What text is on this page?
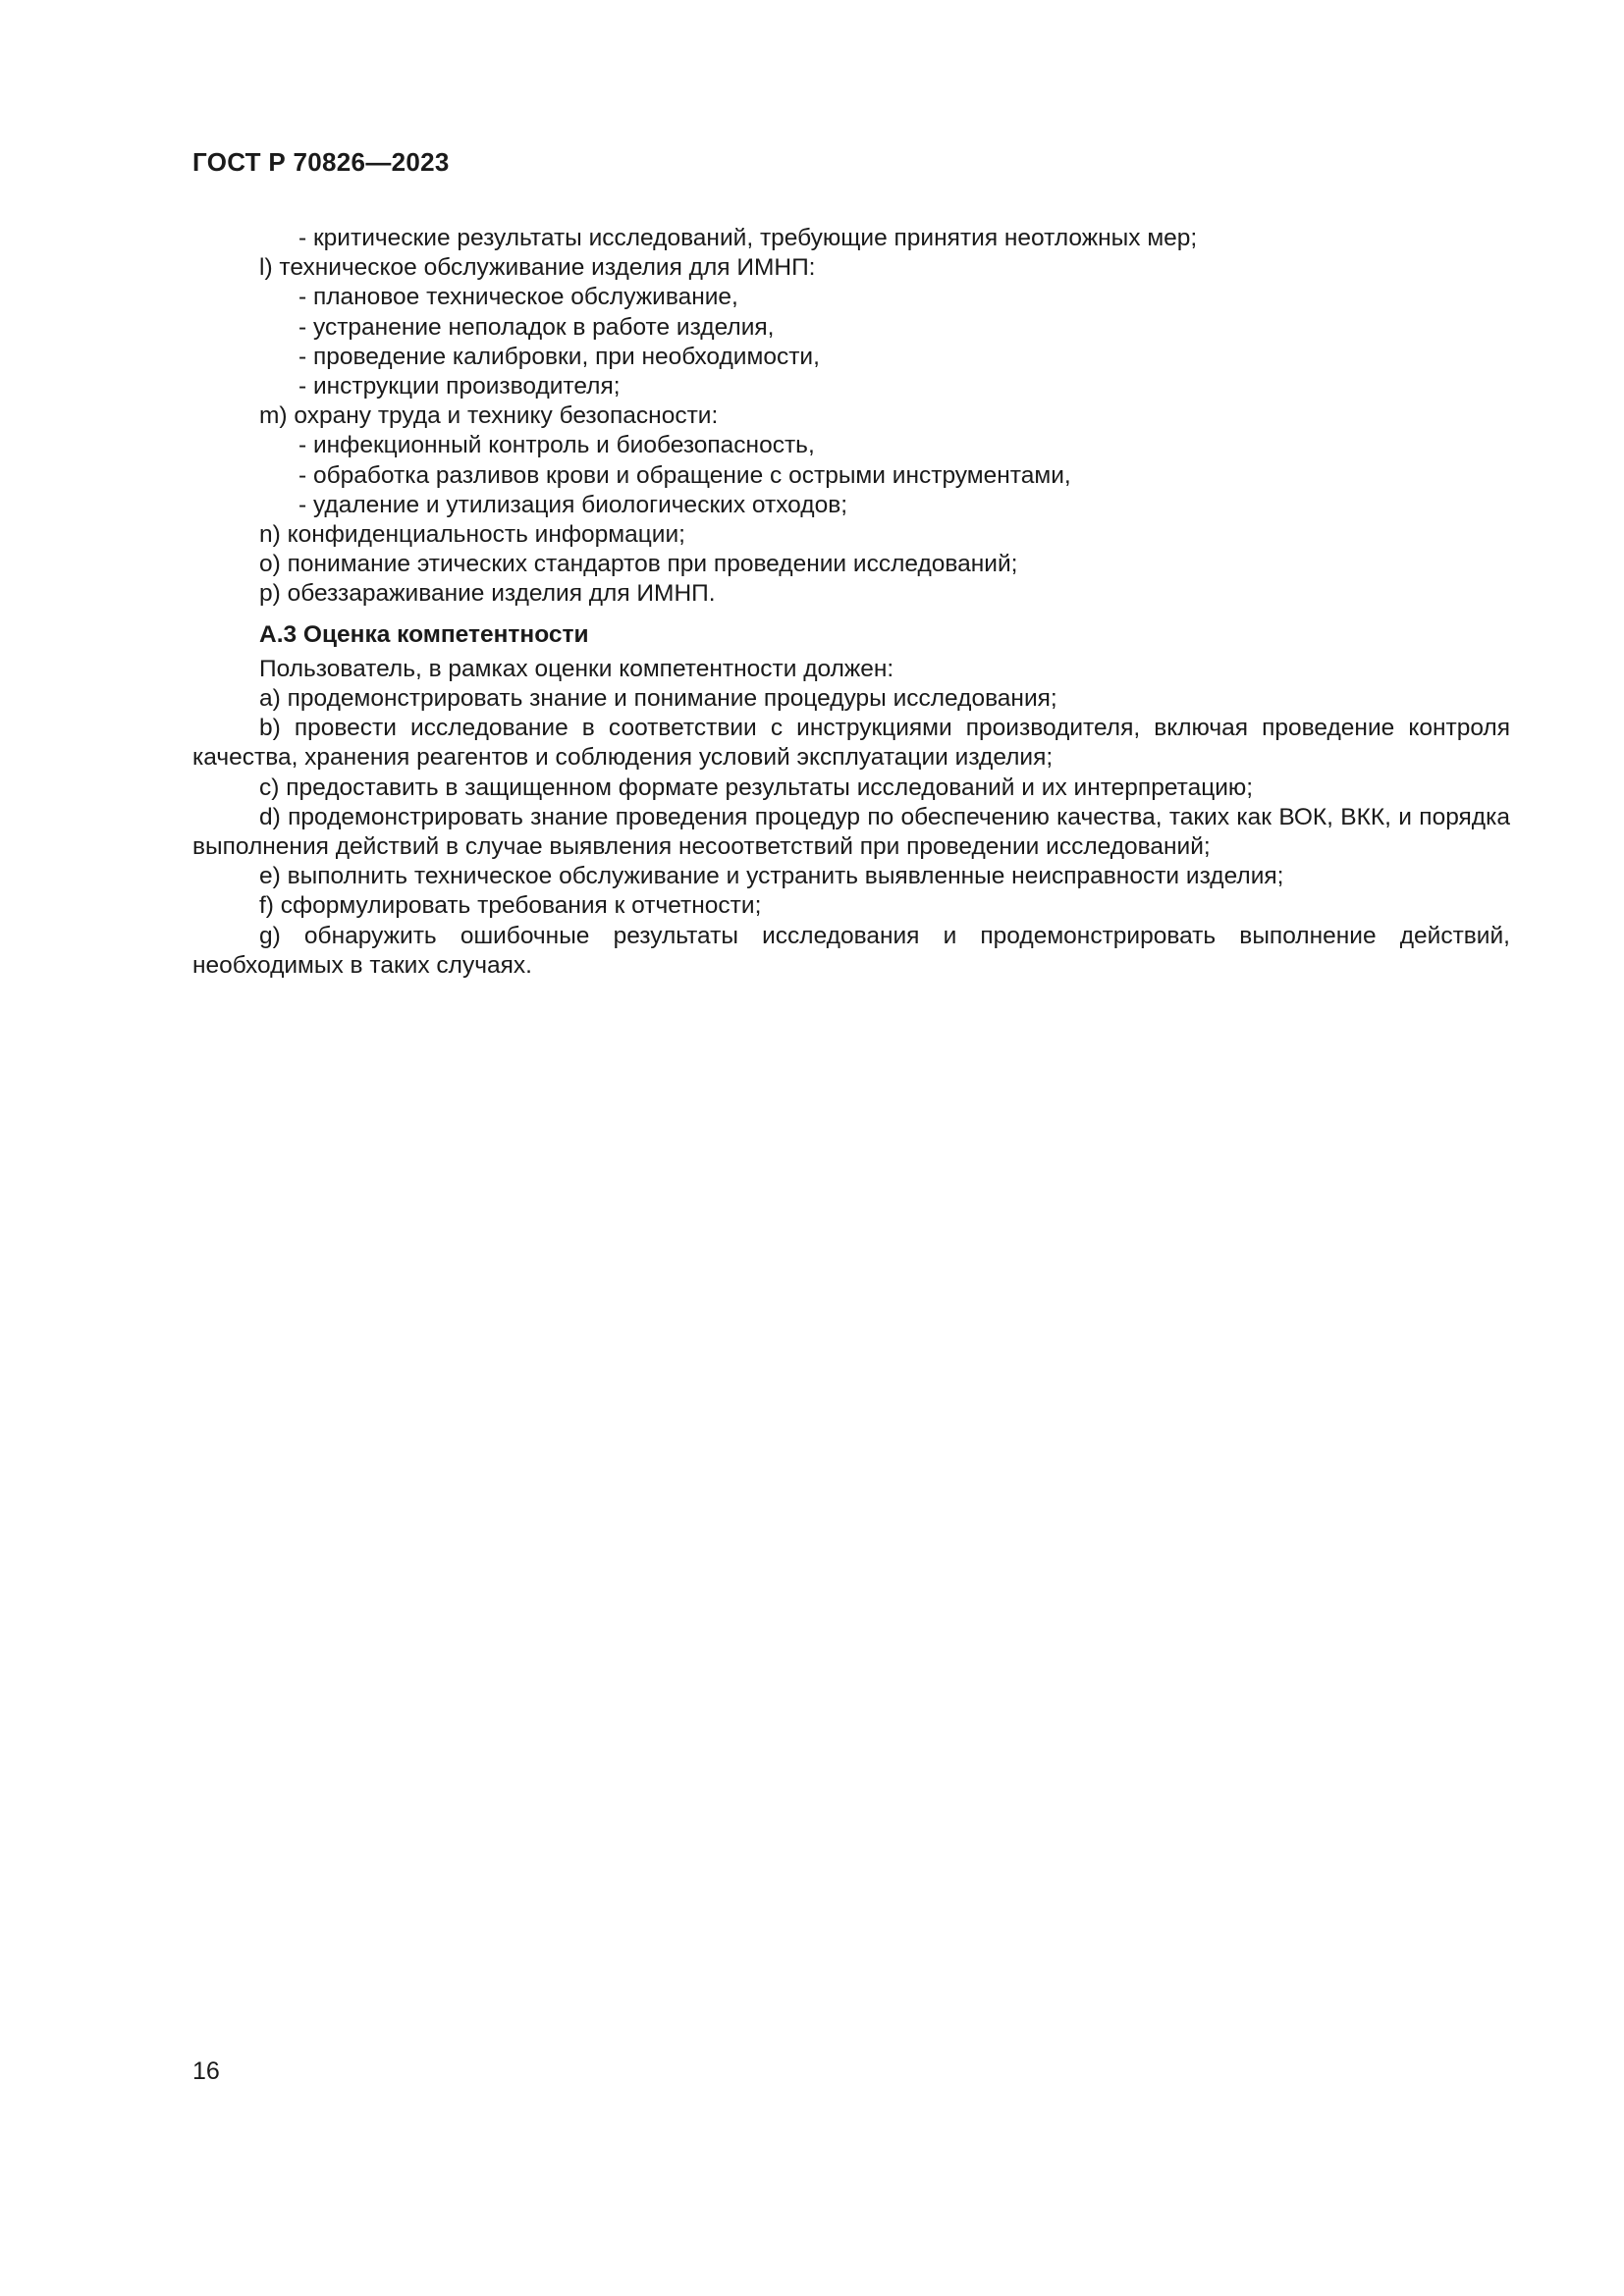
ГОСТ Р 70826—2023
- критические результаты исследований, требующие принятия неотложных мер;
l) техническое обслуживание изделия для ИМНП:
- плановое техническое обслуживание,
- устранение неполадок в работе изделия,
- проведение калибровки, при необходимости,
- инструкции производителя;
m) охрану труда и технику безопасности:
- инфекционный контроль и биобезопасность,
- обработка разливов крови и обращение с острыми инструментами,
- удаление и утилизация биологических отходов;
n) конфиденциальность информации;
o) понимание этических стандартов при проведении исследований;
p) обеззараживание изделия для ИМНП.
А.3 Оценка компетентности
Пользователь, в рамках оценки компетентности должен:

a) продемонстрировать знание и понимание процедуры исследования;

b) провести исследование в соответствии с инструкциями производителя, включая проведение контроля качества, хранения реагентов и соблюдения условий эксплуатации изделия;

c) предоставить в защищенном формате результаты исследований и их интерпретацию;

d) продемонстрировать знание проведения процедур по обеспечению качества, таких как ВОК, ВКК, и порядка выполнения действий в случае выявления несоответствий при проведении исследований;

e) выполнить техническое обслуживание и устранить выявленные неисправности изделия;

f) сформулировать требования к отчетности;

g) обнаружить ошибочные результаты исследования и продемонстрировать выполнение действий, необходимых в таких случаях.

16
